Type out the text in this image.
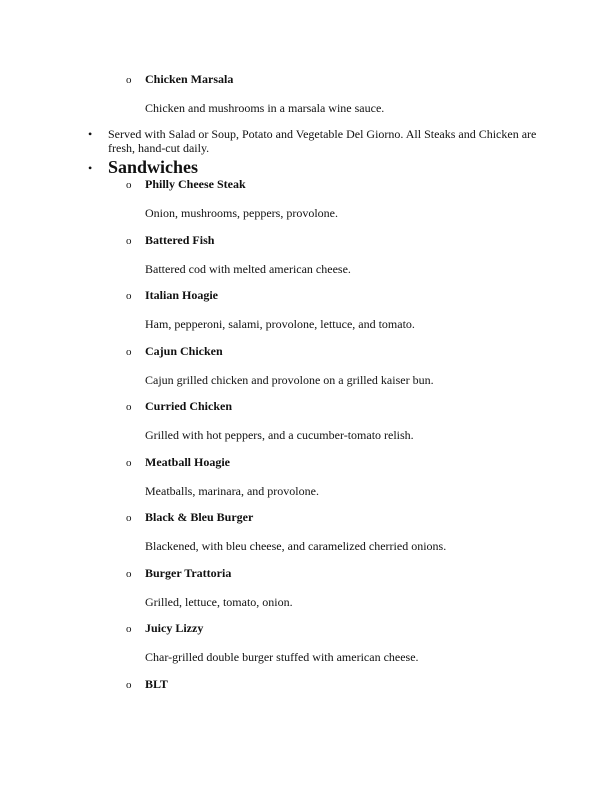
o Chicken Marsala
Chicken and mushrooms in a marsala wine sauce.
• Served with Salad or Soup, Potato and Vegetable Del Giorno. All Steaks and Chicken are fresh, hand-cut daily.
• Sandwiches
o Philly Cheese Steak
Onion, mushrooms, peppers, provolone.
o Battered Fish
Battered cod with melted american cheese.
o Italian Hoagie
Ham, pepperoni, salami, provolone, lettuce, and tomato.
o Cajun Chicken
Cajun grilled chicken and provolone on a grilled kaiser bun.
o Curried Chicken
Grilled with hot peppers, and a cucumber-tomato relish.
o Meatball Hoagie
Meatballs, marinara, and provolone.
o Black & Bleu Burger
Blackened, with bleu cheese, and caramelized cherried onions.
o Burger Trattoria
Grilled, lettuce, tomato, onion.
o Juicy Lizzy
Char-grilled double burger stuffed with american cheese.
o BLT
